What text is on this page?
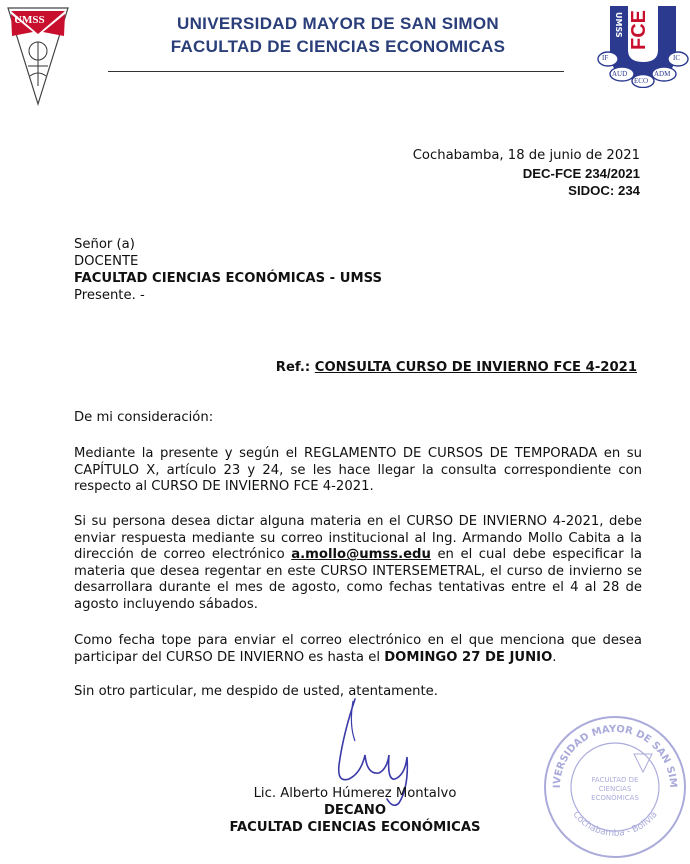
UMSS	UNIVERSIDAD MAYOR DE SAN SIMON
FACULTAD DE CIENCIAS ECONOMICAS	FCE
UMSS
IF	IC
AUD	ADM
ECO
Cochabamba, 18 de junio de 2021
DEC-FCE 234/2021
SIDOC: 234
Señor (a)
DOCENTE
FACULTAD CIENCIAS ECONÓMICAS - UMSS
Presente. -
Ref.: CONSULTA CURSO DE INVIERNO FCE 4-2021
De mi consideración:
Mediante la presente y según el REGLAMENTO DE CURSOS DE TEMPORADA en su CAPÍTULO X, artículo 23 y 24, se les hace llegar la consulta correspondiente con respecto al CURSO DE INVIERNO FCE 4-2021.
Si su persona desea dictar alguna materia en el CURSO DE INVIERNO 4-2021, debe enviar respuesta mediante su correo institucional al Ing. Armando Mollo Cabita a la dirección de correo electrónico a.mollo@umss.edu en el cual debe especificar la materia que desea regentar en este CURSO INTERSEMETRAL, el curso de invierno se desarrollara durante el mes de agosto, como fechas tentativas entre el 4 al 28 de agosto incluyendo sábados.
Como fecha tope para enviar el correo electrónico en el que menciona que desea participar del CURSO DE INVIERNO es hasta el DOMINGO 27 DE JUNIO.
Sin otro particular, me despido de usted, atentamente.
Lic. Alberto Húmerez Montalvo
DECANO
FACULTAD CIENCIAS ECONÓMICAS
IVERSIDAD MAYOR DE SAN SIM
Cochabamba - Bolivia
FACULTAD DE
CIENCIAS
ECONÓMICAS
